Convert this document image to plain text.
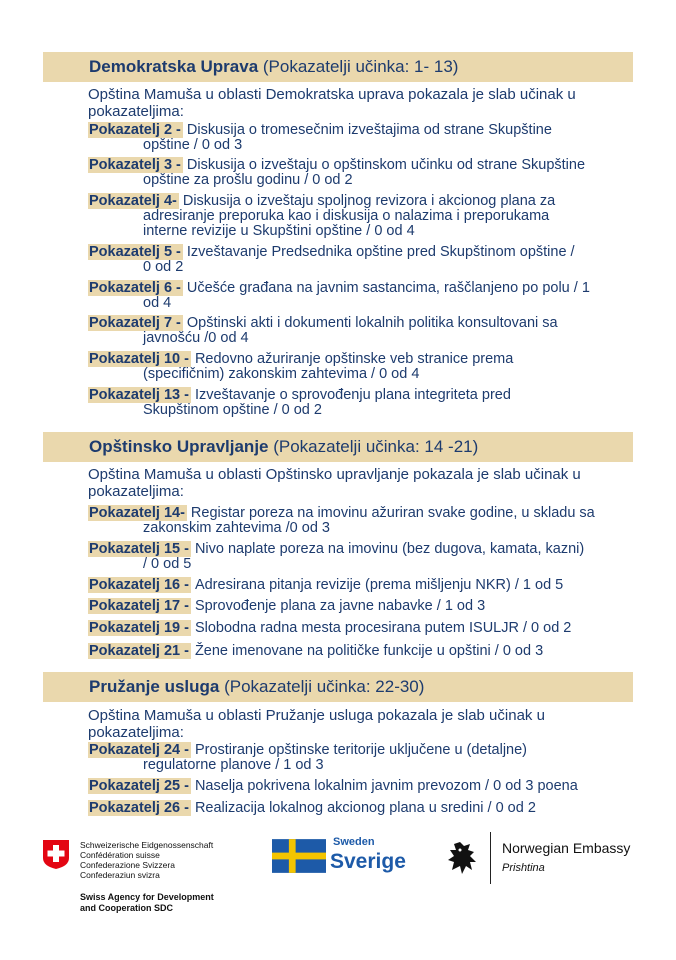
Demokratska Uprava (Pokazatelji učinka: 1- 13)
Opština Mamuša u oblasti Demokratska uprava pokazala je slab učinak u pokazateljima:
Pokazatelj 2 - Diskusija o tromesečnim izveštajima od strane Skupštine
opštine / 0 od 3
Pokazatelj 3 - Diskusija o izveštaju o opštinskom učinku od strane Skupštine
opštine za prošlu godinu / 0 od 2
Pokazatelj 4- Diskusija o izveštaju spoljnog revizora i akcionog plana za
adresiranje preporuka kao i diskusija o nalazima i preporukama
interne revizije u Skupštini opštine / 0 od 4
Pokazatelj 5 - Izveštavanje Predsednika opštine pred Skupštinom opštine /
0 od 2
Pokazatelj 6 - Učešće građana na javnim sastancima, raščlanjeno po polu / 1
od 4
Pokazatelj 7 - Opštinski akti i dokumenti lokalnih politika konsultovani sa
javnošću /0 od 4
Pokazatelj 10 - Redovno ažuriranje opštinske veb stranice prema
(specifičnim) zakonskim zahtevima / 0 od 4
Pokazatelj 13 - Izveštavanje o sprovođenju plana integriteta pred
Skupštinom opštine / 0 od 2
Opštinsko Upravljanje (Pokazatelji učinka: 14 -21)
Opština Mamuša u oblasti Opštinsko upravljanje pokazala je slab učinak u pokazateljima:
Pokazatelj 14- Registar poreza na imovinu ažuriran svake godine, u skladu sa
zakonskim zahtevima /0 od 3
Pokazatelj 15 - Nivo naplate poreza na imovinu (bez dugova, kamata, kazni)
/ 0 od 5
Pokazatelj 16 - Adresirana pitanja revizije (prema mišljenju NKR) / 1 od 5
Pokazatelj 17 - Sprovođenje plana za javne nabavke / 1 od 3
Pokazatelj 19 - Slobodna radna mesta procesirana putem ISULJR / 0 od 2
Pokazatelj 21 - Žene imenovane na političke funkcije u opštini / 0 od 3
Pružanje usluga (Pokazatelji učinka: 22-30)
Opština Mamuša u oblasti Pružanje usluga pokazala je slab učinak u pokazateljima:
Pokazatelj 24 - Prostiranje opštinske teritorije uključene u (detaljne)
regulatorne planove / 1 od 3
Pokazatelj 25 - Naselja pokrivena lokalnim javnim prevozom / 0 od 3 poena
Pokazatelj 26 - Realizacija lokalnog akcionog plana u sredini / 0 od 2
Schweizerische Eidgenossenschaft
Confédération suisse
Confederazione Svizzera
Confederaziun svizra
Swiss Agency for Development
and Cooperation SDC
Sweden
Sverige
Norwegian Embassy
Prishtina
